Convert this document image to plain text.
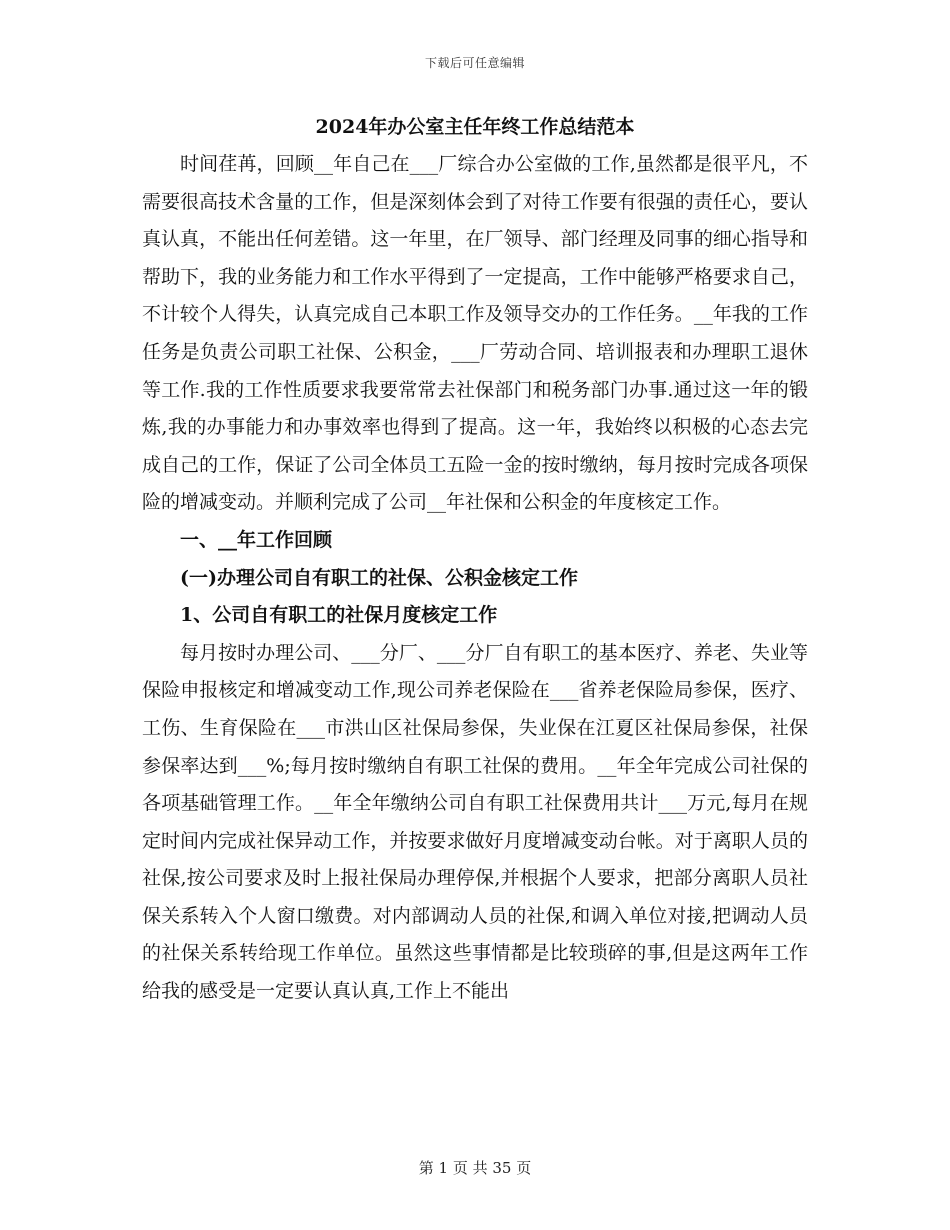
下载后可任意编辑
2024年办公室主任年终工作总结范本

时间荏苒，回顾__年自己在___厂综合办公室做的工作,虽然都是很平凡，不需要很高技术含量的工作，但是深刻体会到了对待工作要有很强的责任心，要认真认真，不能出任何差错。这一年里，在厂领导、部门经理及同事的细心指导和帮助下，我的业务能力和工作水平得到了一定提高，工作中能够严格要求自己，不计较个人得失，认真完成自己本职工作及领导交办的工作任务。__年我的工作任务是负责公司职工社保、公积金，___厂劳动合同、培训报表和办理职工退休等工作.我的工作性质要求我要常常去社保部门和税务部门办事.通过这一年的锻炼,我的办事能力和办事效率也得到了提高。这一年，我始终以积极的心态去完成自己的工作，保证了公司全体员工五险一金的按时缴纳，每月按时完成各项保险的增减变动。并顺利完成了公司__年社保和公积金的年度核定工作。

一、__年工作回顾

(一)办理公司自有职工的社保、公积金核定工作

1、公司自有职工的社保月度核定工作

每月按时办理公司、___分厂、___分厂自有职工的基本医疗、养老、失业等保险申报核定和增减变动工作,现公司养老保险在___省养老保险局参保，医疗、工伤、生育保险在___市洪山区社保局参保，失业保在江夏区社保局参保，社保参保率达到___%;每月按时缴纳自有职工社保的费用。__年全年完成公司社保的各项基础管理工作。__年全年缴纳公司自有职工社保费用共计___万元,每月在规定时间内完成社保异动工作，并按要求做好月度增减变动台帐。对于离职人员的社保,按公司要求及时上报社保局办理停保,并根据个人要求，把部分离职人员社保关系转入个人窗口缴费。对内部调动人员的社保,和调入单位对接,把调动人员的社保关系转给现工作单位。虽然这些事情都是比较琐碎的事,但是这两年工作给我的感受是一定要认真认真,工作上不能出

第 1 页 共 35 页
